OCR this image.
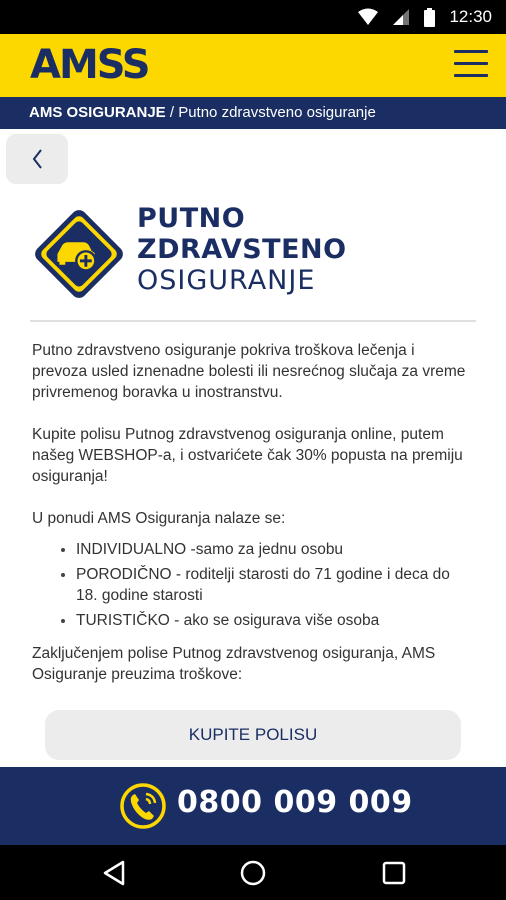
12:30
AMSS
AMS OSIGURANJE / Putno zdravstveno osiguranje
PUTNO
ZDRAVSTENO
OSIGURANJE

Putno zdravstveno osiguranje pokriva troškova lečenja i prevoza usled iznenadne bolesti ili nesrećnog slučaja za vreme privremenog boravka u inostranstvu.

Kupite polisu Putnog zdravstvenog osiguranja online, putem našeg WEBSHOP-a, i ostvarićete čak 30% popusta na premiju osiguranja!

U ponudi AMS Osiguranja nalaze se:

• INDIVIDUALNO -samo za jednu osobu
• PORODIČNO - roditelji starosti do 71 godine i deca do 18. godine starosti
• TURISTIČKO - ako se osigurava više osoba

Zaključenjem polise Putnog zdravstvenog osiguranja, AMS Osiguranje preuzima troškove:

KUPITE POLISU
0800 009 009
